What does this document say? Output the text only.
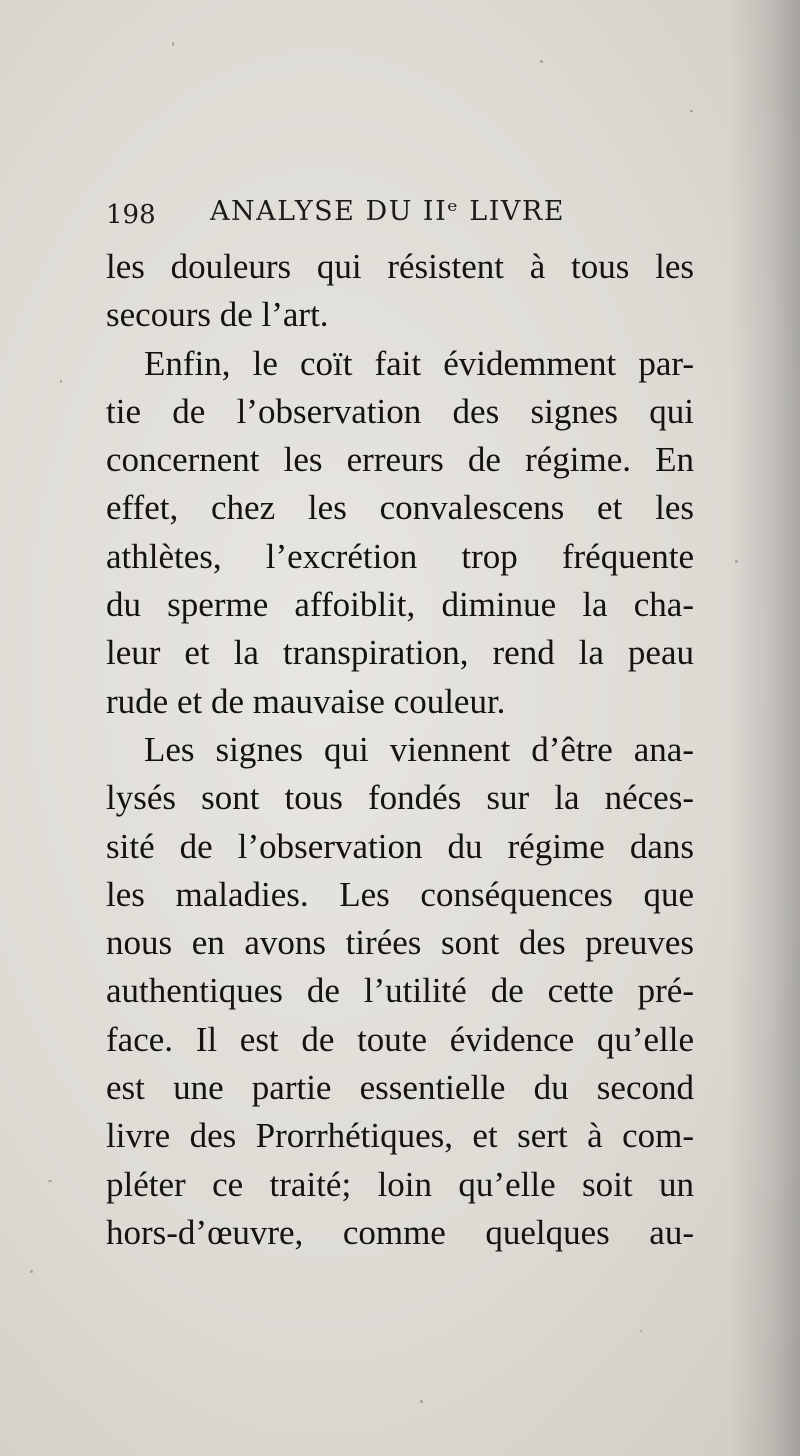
198 ANALYSE DU IIᵉ LIVRE
les douleurs qui résistent à tous les
secours de l’art.
Enfin, le coït fait évidemment par-
tie de l’observation des signes qui
concernent les erreurs de régime. En
effet, chez les convalescens et les
athlètes, l’excrétion trop fréquente
du sperme affoiblit, diminue la cha-
leur et la transpiration, rend la peau
rude et de mauvaise couleur.
Les signes qui viennent d’être ana-
lysés sont tous fondés sur la néces-
sité de l’observation du régime dans
les maladies. Les conséquences que
nous en avons tirées sont des preuves
authentiques de l’utilité de cette pré-
face. Il est de toute évidence qu’elle
est une partie essentielle du second
livre des Prorrhétiques, et sert à com-
pléter ce traité; loin qu’elle soit un
hors-d’œuvre, comme quelques au-
